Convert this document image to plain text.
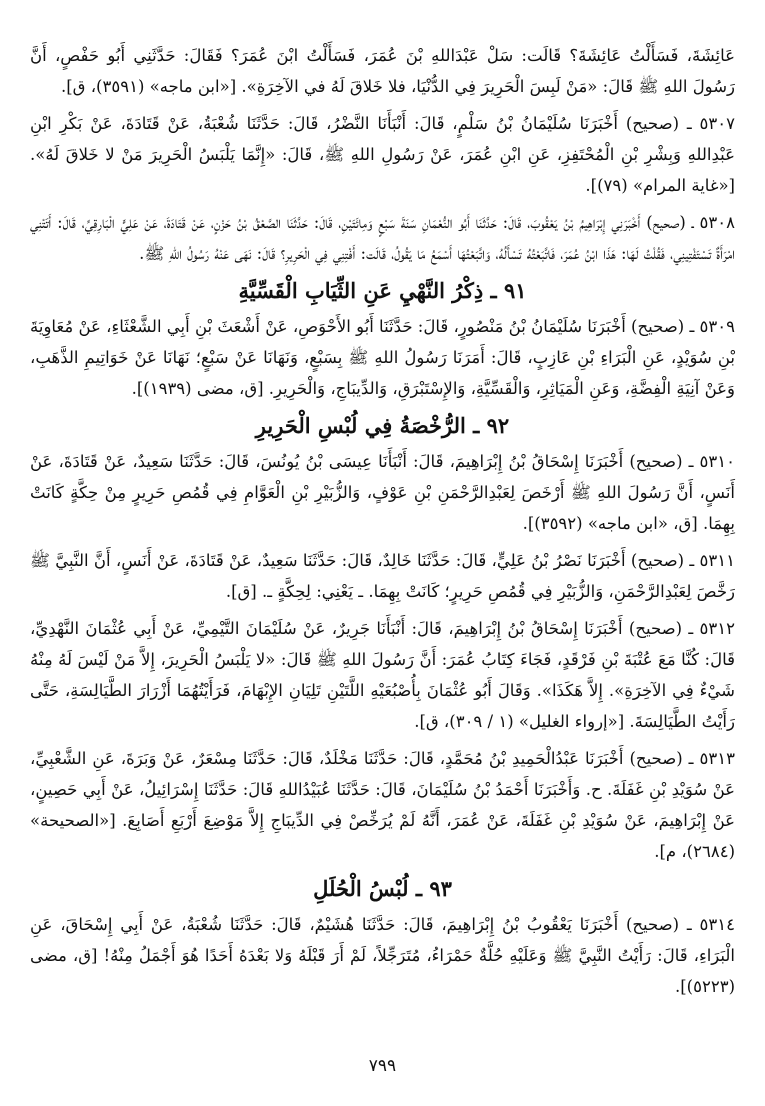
عَائِشَةَ، فَسَأَلْتُ عَائِشَةَ؟ قَالَت: سَلْ عَبْدَاللهِ بْنَ عُمَرَ، فَسَأَلْتُ ابْنَ عُمَرَ؟ فَقَالَ: حَدَّثَنِي أَبُو حَفْصٍ، أَنَّ رَسُولَ اللهِ ﷺ قَالَ: «مَنْ لَبِسَ الْحَرِيرَ فِي الدُّنْيَا، فلا خَلاقَ لَهُ في الآخِرَةِ». [«ابن ماجه» (٣٥٩١)، ق].

٥٣٠٧ ـ (صحيح) أَخْبَرَنَا سُلَيْمَانُ بْنُ سَلْمٍ، قَالَ: أَنْبَأَنَا النَّضْرُ، قَالَ: حَدَّثَنَا شُعْبَةُ، عَنْ قَتَادَةَ، عَنْ بَكْرِ ابْنِ عَبْدِاللهِ وَبِشْرِ بْنِ الْمُحْتَفِزِ، عَنِ ابْنِ عُمَرَ، عَنْ رَسُولِ اللهِ ﷺ، قَالَ: «إِنَّمَا يَلْبَسُ الْحَرِيرَ مَنْ لا خَلاقَ لَهُ». [«غاية المرام» (٧٩)].

٥٣٠٨ ـ (صحيح) أَخْبَرَنِي إِبْرَاهِيمُ بْنُ يَعْقُوبَ، قَالَ: حَدَّثَنَا أَبُو النُّعْمَانِ سَنَةَ سَبْعٍ وَمِائَتَيْنِ، قَالَ: حَدَّثَنَا الصَّعْقُ بْنُ حَزْنٍ، عَنْ قَتَادَةَ، عَنْ عَلِيٍّ الْبَارِقِيِّ، قَالَ: أَتَتْنِي امْرَأَةٌ تَسْتَفْتِينِي، فَقُلْتُ لَهَا: هَذَا ابْنُ عُمَرَ، فَاتَّبَعْتُهُ تَسْأَلُهُ، وَاتَّبَعْتُهَا أَسْمَعُ مَا يَقُولُ، قَالَت: أَفْتِنِي فِي الْحَرِيرِ؟ قَالَ: نَهَى عَنْهُ رَسُولُ اللهِ ﷺ.

٩١ ـ ذِكْرُ النَّهْيِ عَنِ الثِّيَابِ الْقَسِّيَّةِ

٥٣٠٩ ـ (صحيح) أَخْبَرَنَا سُلَيْمَانُ بْنُ مَنْصُورٍ، قَالَ: حَدَّثَنَا أَبُو الأَحْوَصِ، عَنْ أَشْعَثَ بْنِ أَبِي الشَّعْثَاءِ، عَنْ مُعَاوِيَةَ بْنِ سُوَيْدٍ، عَنِ الْبَرَاءِ بْنِ عَازِبٍ، قَالَ: أَمَرَنَا رَسُولُ اللهِ ﷺ بِسَبْعٍ، وَنَهَانَا عَنْ سَبْعٍ؛ نَهَانَا عَنْ خَوَاتِيمِ الذَّهَبِ، وَعَنْ آنِيَةِ الْفِضَّةِ، وَعَنِ الْمَيَاثِرِ، وَالْقَسِّيَّةِ، وَالإِسْتَبْرَقِ، وَالدِّيبَاجِ، وَالْحَرِيرِ. [ق، مضى (١٩٣٩)].

٩٢ ـ الرُّخْصَةُ فِي لُبْسِ الْحَرِيرِ

٥٣١٠ ـ (صحيح) أَخْبَرَنَا إِسْحَاقُ بْنُ إِبْرَاهِيمَ، قَالَ: أَنْبَأَنَا عِيسَى بْنُ يُونُسَ، قَالَ: حَدَّثَنَا سَعِيدٌ، عَنْ قَتَادَةَ، عَنْ أَنَسٍ، أَنَّ رَسُولَ اللهِ ﷺ أَرْخَصَ لِعَبْدِالرَّحْمَنِ بْنِ عَوْفٍ، وَالزُّبَيْرِ بْنِ الْعَوَّامِ فِي قُمُصِ حَرِيرٍ مِنْ حِكَّةٍ كَانَتْ بِهِمَا. [ق، «ابن ماجه» (٣٥٩٢)].

٥٣١١ ـ (صحيح) أَخْبَرَنَا نَصْرُ بْنُ عَلِيٍّ، قَالَ: حَدَّثَنَا خَالِدٌ، قَالَ: حَدَّثَنَا سَعِيدٌ، عَنْ قَتَادَةَ، عَنْ أَنَسٍ، أَنَّ النَّبِيَّ ﷺ رَخَّصَ لِعَبْدِالرَّحْمَنِ، وَالزُّبَيْرِ فِي قُمُصِ حَرِيرٍ؛ كَانَتْ بِهِمَا. ـ يَعْنِي: لِحِكَّةٍ ـ. [ق].

٥٣١٢ ـ (صحيح) أَخْبَرَنَا إِسْحَاقُ بْنُ إِبْرَاهِيمَ، قَالَ: أَنْبَأَنَا جَرِيرٌ، عَنْ سُلَيْمَانَ التَّيْمِيِّ، عَنْ أَبِي عُثْمَانَ النَّهْدِيِّ، قَالَ: كُنَّا مَعَ عُتْبَةَ بْنِ فَرْقَدٍ، فَجَاءَ كِتَابُ عُمَرَ: أَنَّ رَسُولَ اللهِ ﷺ قَالَ: «لا يَلْبَسُ الْحَرِيرَ، إِلاَّ مَنْ لَيْسَ لَهُ مِنْهُ شَيْءٌ فِي الآخِرَةِ». إِلاَّ هَكَذَا». وَقَالَ أَبُو عُثْمَانَ بِأُصْبُعَيْهِ اللَّتَيْنِ تَلِيَانِ الإِبْهَامَ، فَرَأَيْتُهُمَا أَزْرَارَ الطَّيَالِسَةِ، حَتَّى رَأَيْتُ الطَّيَالِسَةَ. [«إرواء الغليل» (١ / ٣٠٩)، ق].

٥٣١٣ ـ (صحيح) أَخْبَرَنَا عَبْدُالْحَمِيدِ بْنُ مُحَمَّدٍ، قَالَ: حَدَّثَنَا مَخْلَدٌ، قَالَ: حَدَّثَنَا مِسْعَرٌ، عَنْ وَبَرَةَ، عَنِ الشَّعْبِيِّ، عَنْ سُوَيْدِ بْنِ غَفَلَةَ. ح. وَأَخْبَرَنَا أَحْمَدُ بْنُ سُلَيْمَانَ، قَالَ: حَدَّثَنَا عُبَيْدُاللهِ قَالَ: حَدَّثَنَا إِسْرَائِيلُ، عَنْ أَبِي حَصِينٍ، عَنْ إِبْرَاهِيمَ، عَنْ سُوَيْدِ بْنِ غَفَلَةَ، عَنْ عُمَرَ، أَنَّهُ لَمْ يُرَخِّصْ فِي الدِّيبَاجِ إِلاَّ مَوْضِعَ أَرْبَعِ أَصَابِعَ. [«الصحيحة» (٢٦٨٤)، م].

٩٣ ـ لُبْسُ الْحُلَلِ

٥٣١٤ ـ (صحيح) أَخْبَرَنَا يَعْقُوبُ بْنُ إِبْرَاهِيمَ، قَالَ: حَدَّثَنَا هُشَيْمٌ، قَالَ: حَدَّثَنَا شُعْبَةُ، عَنْ أَبِي إِسْحَاقَ، عَنِ الْبَرَاءِ، قَالَ: رَأَيْتُ النَّبِيَّ ﷺ وَعَلَيْهِ حُلَّةٌ حَمْرَاءُ، مُتَرَجِّلاً، لَمْ أَرَ قَبْلَهُ وَلا بَعْدَهُ أَحَدًا هُوَ أَجْمَلُ مِنْهُ! [ق، مضى (٥٢٢٣)].

٧٩٩
